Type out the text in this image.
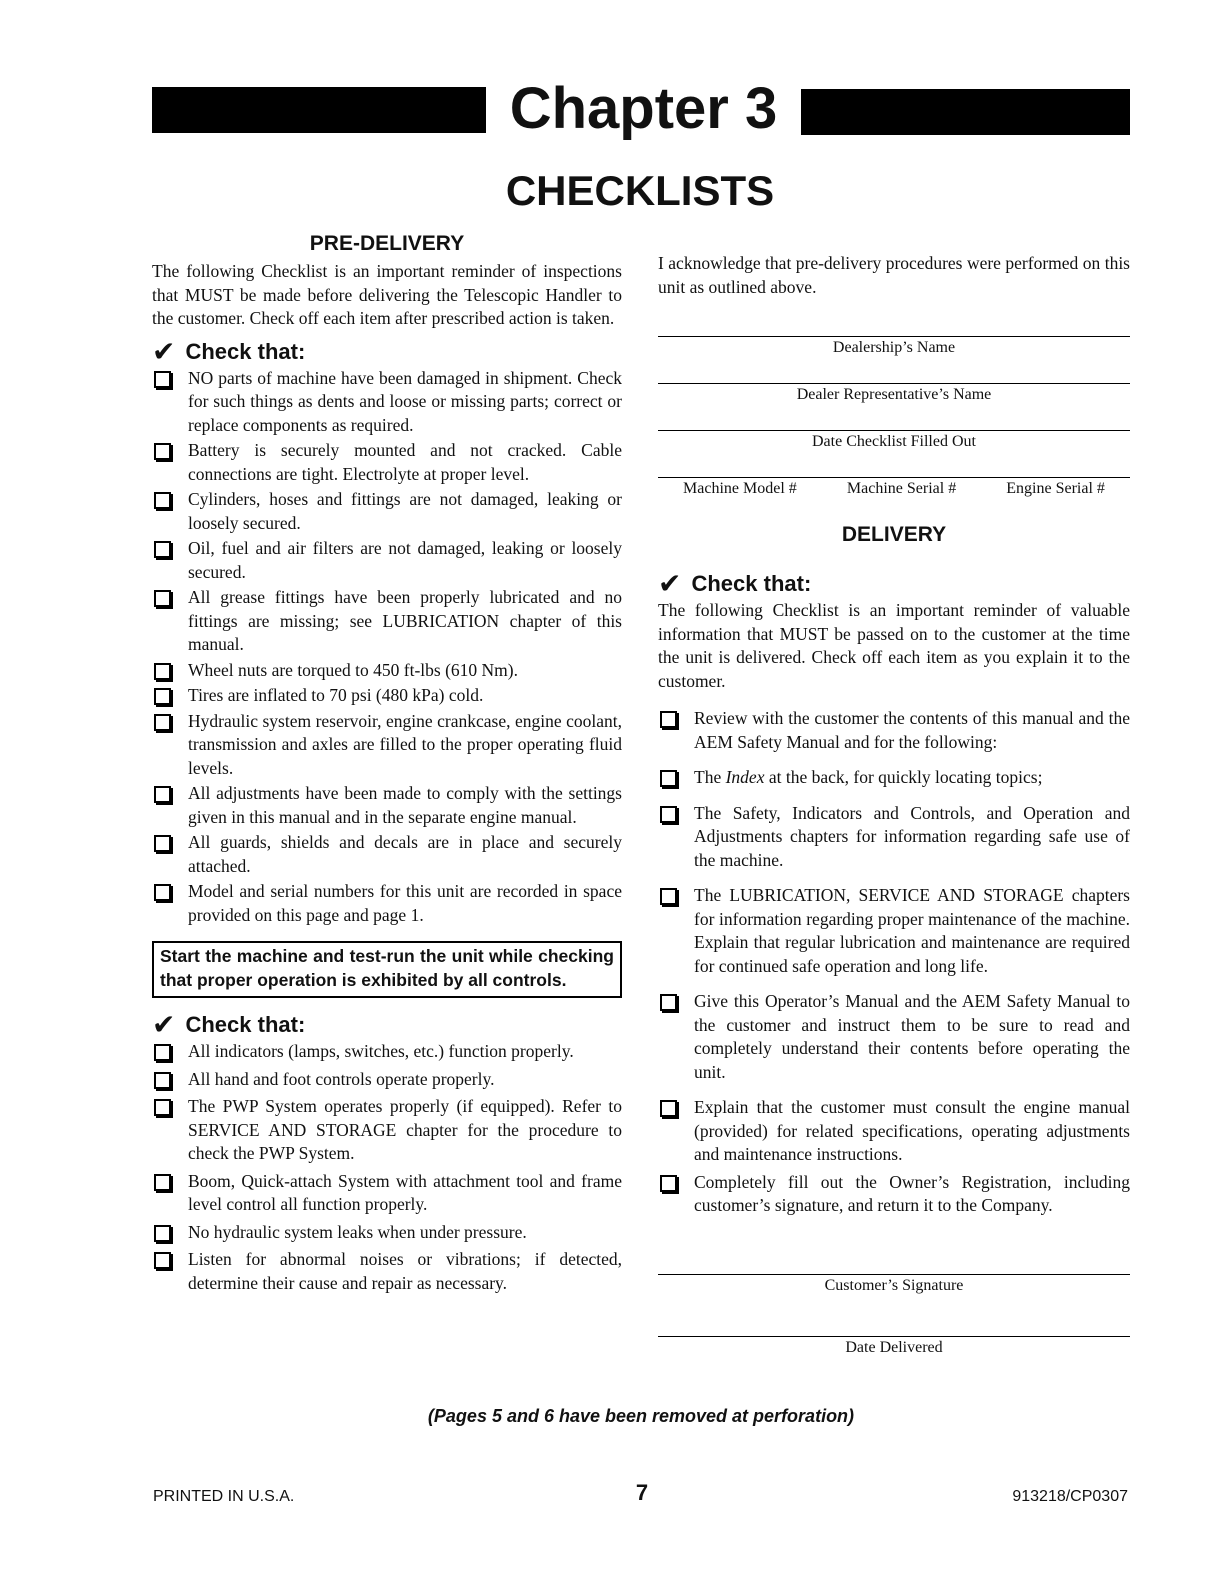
Chapter 3
CHECKLISTS
PRE-DELIVERY

The following Checklist is an important reminder of inspections that MUST be made before delivering the Telescopic Handler to the customer. Check off each item after prescribed action is taken.

✔ Check that:
NO parts of machine have been damaged in shipment. Check for such things as dents and loose or missing parts; correct or replace components as required.
Battery is securely mounted and not cracked. Cable connections are tight. Electrolyte at proper level.
Cylinders, hoses and fittings are not damaged, leaking or loosely secured.
Oil, fuel and air filters are not damaged, leaking or loosely secured.
All grease fittings have been properly lubricated and no fittings are missing; see LUBRICATION chapter of this manual.
Wheel nuts are torqued to 450 ft-lbs (610 Nm).
Tires are inflated to 70 psi (480 kPa) cold.
Hydraulic system reservoir, engine crankcase, engine coolant, transmission and axles are filled to the proper operating fluid levels.
All adjustments have been made to comply with the settings given in this manual and in the separate engine manual.
All guards, shields and decals are in place and securely attached.
Model and serial numbers for this unit are recorded in space provided on this page and page 1.
Start the machine and test-run the unit while checking that proper operation is exhibited by all controls.
✔ Check that:
All indicators (lamps, switches, etc.) function properly.
All hand and foot controls operate properly.
The PWP System operates properly (if equipped). Refer to SERVICE AND STORAGE chapter for the procedure to check the PWP System.
Boom, Quick-attach System with attachment tool and frame level control all function properly.
No hydraulic system leaks when under pressure.
Listen for abnormal noises or vibrations; if detected, determine their cause and repair as necessary.

I acknowledge that pre-delivery procedures were performed on this unit as outlined above.

Dealership’s Name
Dealer Representative’s Name
Date Checklist Filled Out
Machine Model #	Machine Serial #	Engine Serial #
DELIVERY
✔ Check that:

The following Checklist is an important reminder of valuable information that MUST be passed on to the customer at the time the unit is delivered. Check off each item as you explain it to the customer.

Review with the customer the contents of this manual and the AEM Safety Manual and for the following:
The Index at the back, for quickly locating topics;
The Safety, Indicators and Controls, and Operation and Adjustments chapters for information regarding safe use of the machine.
The LUBRICATION, SERVICE AND STORAGE chapters for information regarding proper maintenance of the machine. Explain that regular lubrication and maintenance are required for continued safe operation and long life.
Give this Operator’s Manual and the AEM Safety Manual to the customer and instruct them to be sure to read and completely understand their contents before operating the unit.
Explain that the customer must consult the engine manual (provided) for related specifications, operating adjustments and maintenance instructions.
Completely fill out the Owner’s Registration, including customer’s signature, and return it to the Company.
Customer’s Signature
Date Delivered
(Pages 5 and 6 have been removed at perforation)
PRINTED IN U.S.A.	7	913218/CP0307
